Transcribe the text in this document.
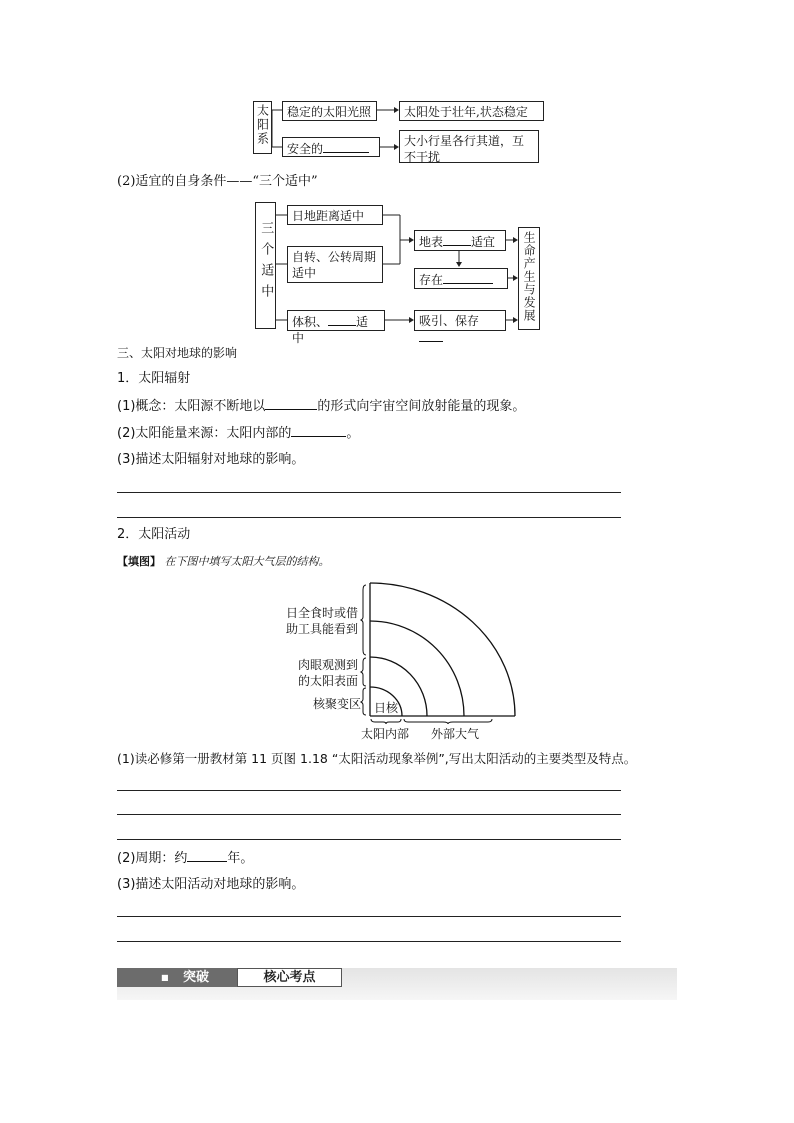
太阳系	稳定的太阳光照	太阳处于壮年,状态稳定
安全的
大小行星各行其道，互不干扰
(2)适宜的自身条件——“三个适中”
三个适中
日地距离适中
自转、公转周期适中
体积、 适中
地表 适宜
存在
吸引、保存	生命产生与发展
三、太阳对地球的影响
1．太阳辐射
(1)概念：太阳源不断地以	的形式向宇宙空间放射能量的现象。
(2)太阳能量来源：太阳内部的	。
(3)描述太阳辐射对地球的影响。
2．太阳活动
【填图】 在下图中填写太阳大气层的结构。
日全食时或借
助工具能看到
肉眼观测到
的太阳表面
核聚变区 日核
太阳内部 外部大气
(1)读必修第一册教材第 11 页图 1.18 “太阳活动现象举例”,写出太阳活动的主要类型及特点。
(2)周期：约	年。
(3)描述太阳活动对地球的影响。
■ 突破	核心考点
